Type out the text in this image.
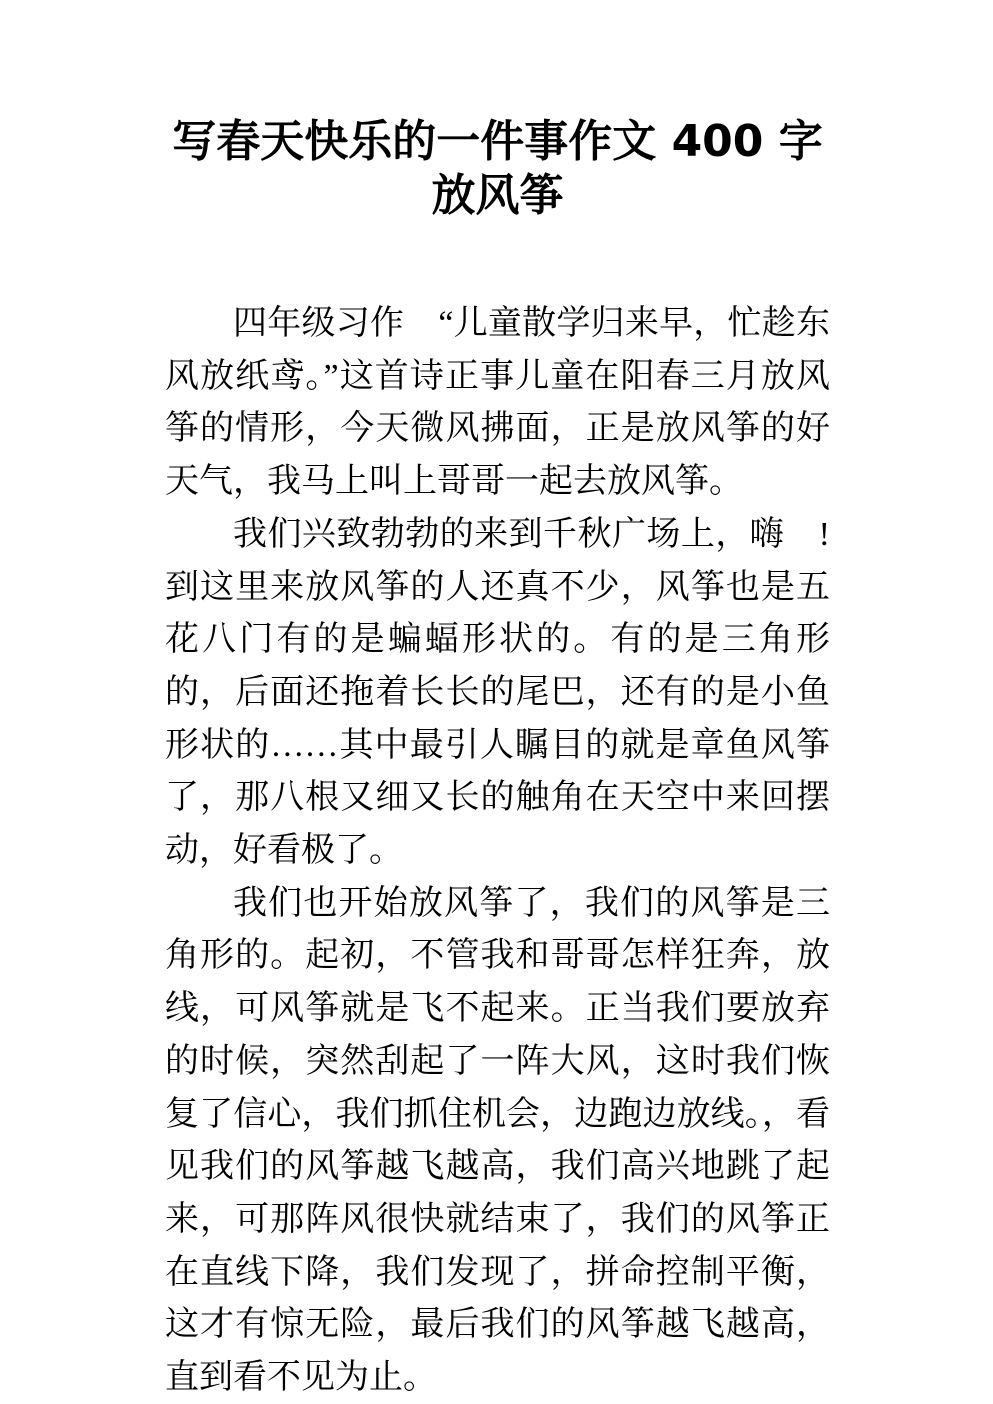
写春天快乐的一件事作文 400 字 放风筝

四年级习作　“儿童散学归来早，忙趁东风放纸鸢。”这首诗正事儿童在阳春三月放风筝的情形，今天微风拂面，正是放风筝的好天气，我马上叫上哥哥一起去放风筝。

我们兴致勃勃的来到千秋广场上，嗨　!到这里来放风筝的人还真不少，风筝也是五花八门有的是蝙蝠形状的。有的是三角形的，后面还拖着长长的尾巴，还有的是小鱼形状的……其中最引人瞩目的就是章鱼风筝了，那八根又细又长的触角在天空中来回摆动，好看极了。

我们也开始放风筝了，我们的风筝是三角形的。起初，不管我和哥哥怎样狂奔，放线，可风筝就是飞不起来。正当我们要放弃的时候，突然刮起了一阵大风，这时我们恢复了信心，我们抓住机会，边跑边放线。，看见我们的风筝越飞越高，我们高兴地跳了起来，可那阵风很快就结束了，我们的风筝正在直线下降，我们发现了，拼命控制平衡，这才有惊无险，最后我们的风筝越飞越高，直到看不见为止。
